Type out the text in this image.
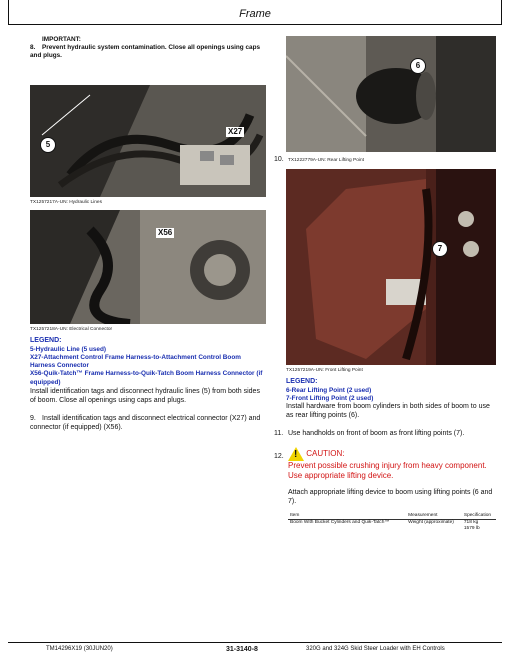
Frame
IMPORTANT:
8. Prevent hydraulic system contamination. Close all openings using caps and plugs.
5
X27
TX1257217A-UN: Hydraulic Lines
X56
TX1257218A-UN: Electrical Connector
LEGEND:
5-Hydraulic Line (5 used)
X27-Attachment Control Frame Harness-to-Attachment Control Boom Harness Connector
X56-Quik-Tatch™ Frame Harness-to-Quik-Tatch Boom Harness Connector (if equipped)
Install identification tags and disconnect hydraulic lines (5) from both sides of boom. Close all openings using caps and plugs.
9. Install identification tags and disconnect electrical connector (X27) and connector (if equipped) (X56).
6
10. TX1222779A-UN: Rear Lifting Point
7
TX1257219A-UN: Front Lifting Point
LEGEND:
6-Rear Lifting Point (2 used)
7-Front Lifting Point (2 used)
Install hardware from boom cylinders in both sides of boom to use as rear lifting points (6).
11. Use handholds on front of boom as front lifting points (7).
12. !	CAUTION:
Prevent possible crushing injury from heavy component. Use appropriate lifting device.
Attach appropriate lifting device to boom using lifting points (6 and 7).
Item	Measurement	Specification
Boom With Bucket Cylinders and Quik-Tatch™	Weight (approximate)	718 kg
1579 lb
TM14296X19 (30JUN20)	31-3140-8	320G and 324G Skid Steer Loader with EH Controls
